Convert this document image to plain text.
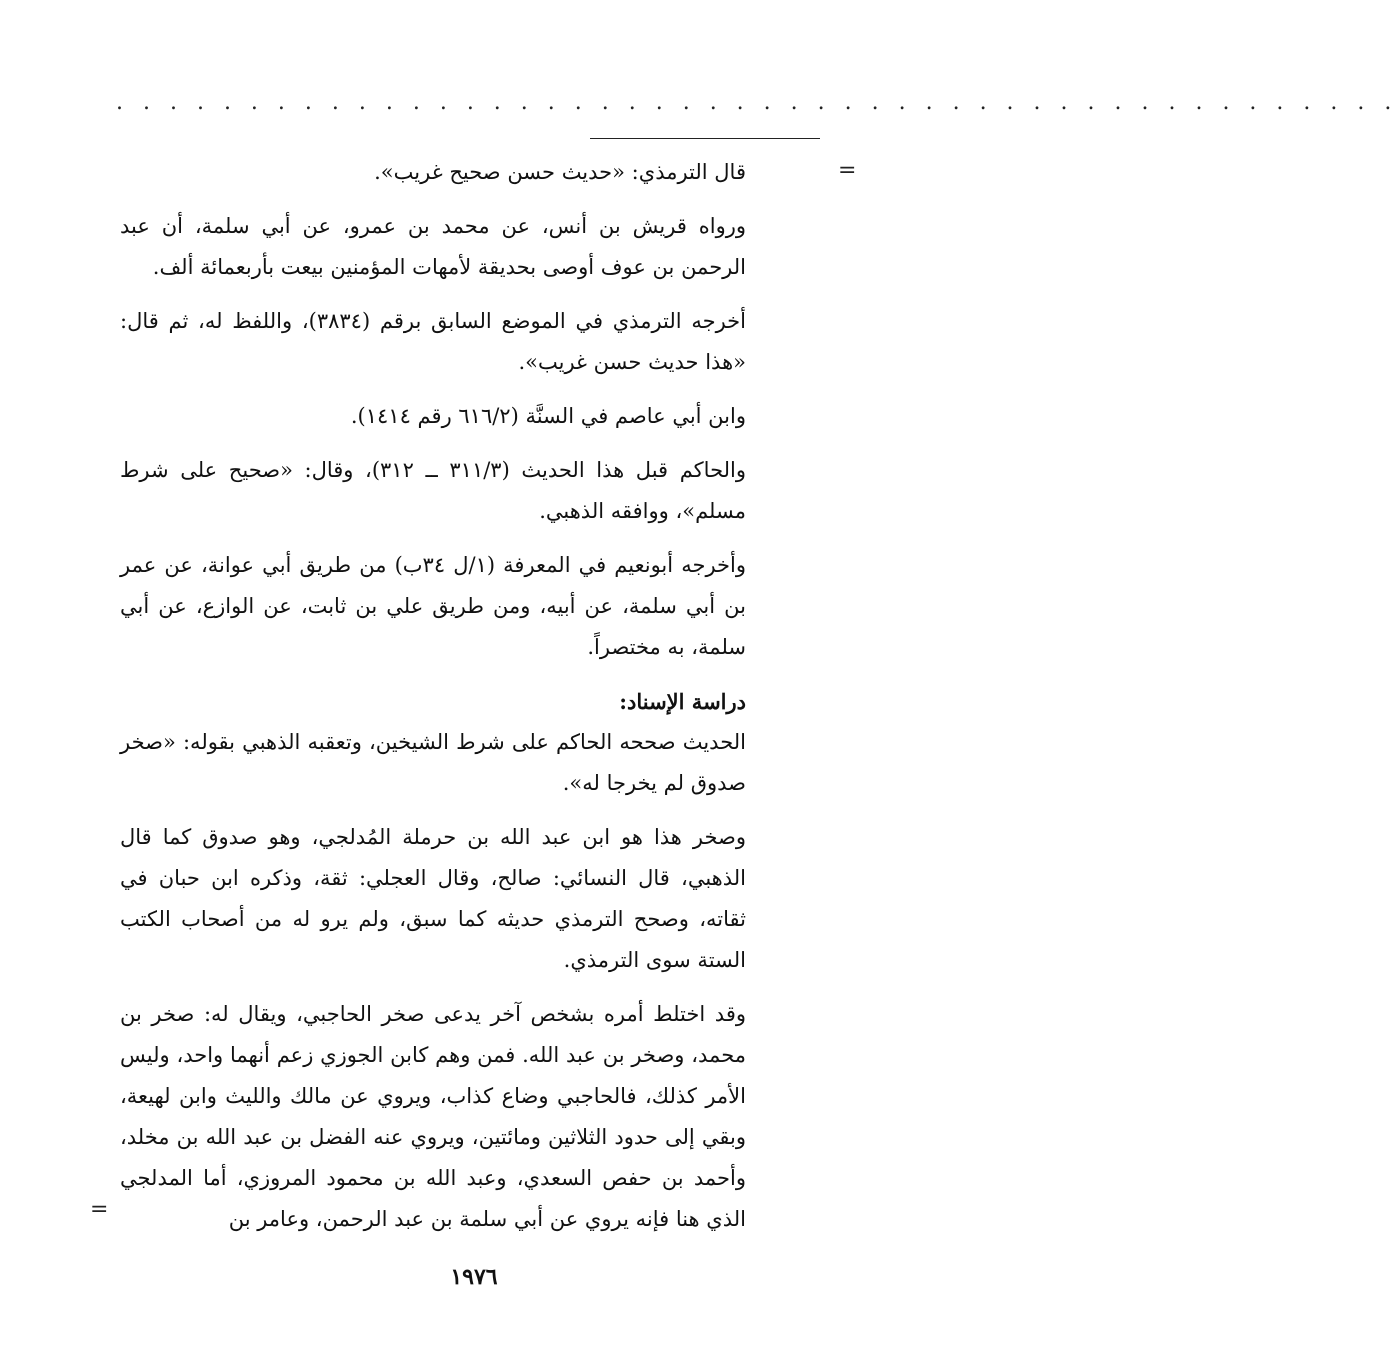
. . . . . . . . . . . . . . . . . . . . . . . . . . . . . . . . . . . . . . . . . . . . . . . .
=

قال الترمذي: «حديث حسن صحيح غريب».

ورواه قريش بن أنس، عن محمد بن عمرو، عن أبي سلمة، أن عبد الرحمن بن عوف أوصى بحديقة لأمهات المؤمنين بيعت بأربعمائة ألف.

أخرجه الترمذي في الموضع السابق برقم (٣٨٣٤)، واللفظ له، ثم قال: «هذا حديث حسن غريب».

وابن أبي عاصم في السنَّة (٦١٦/٢ رقم ١٤١٤).

والحاكم قبل هذا الحديث (٣١١/٣ ــ ٣١٢)، وقال: «صحيح على شرط مسلم»، ووافقه الذهبي.

وأخرجه أبونعيم في المعرفة (١/ل ٣٤ب) من طريق أبي عوانة، عن عمر بن أبي سلمة، عن أبيه، ومن طريق علي بن ثابت، عن الوازع، عن أبي سلمة، به مختصراً.

دراسة الإسناد:

الحديث صححه الحاكم على شرط الشيخين، وتعقبه الذهبي بقوله: «صخر صدوق لم يخرجا له».

وصخر هذا هو ابن عبد الله بن حرملة المُدلجي، وهو صدوق كما قال الذهبي، قال النسائي: صالح، وقال العجلي: ثقة، وذكره ابن حبان في ثقاته، وصحح الترمذي حديثه كما سبق، ولم يرو له من أصحاب الكتب الستة سوى الترمذي.

وقد اختلط أمره بشخص آخر يدعى صخر الحاجبي، ويقال له: صخر بن محمد، وصخر بن عبد الله. فمن وهم كابن الجوزي زعم أنهما واحد، وليس الأمر كذلك، فالحاجبي وضاع كذاب، ويروي عن مالك والليث وابن لهيعة، وبقي إلى حدود الثلاثين ومائتين، ويروي عنه الفضل بن عبد الله بن مخلد، وأحمد بن حفص السعدي، وعبد الله بن محمود المروزي، أما المدلجي الذي هنا فإنه يروي عن أبي سلمة بن عبد الرحمن، وعامر بن

=
١٩٧٦
